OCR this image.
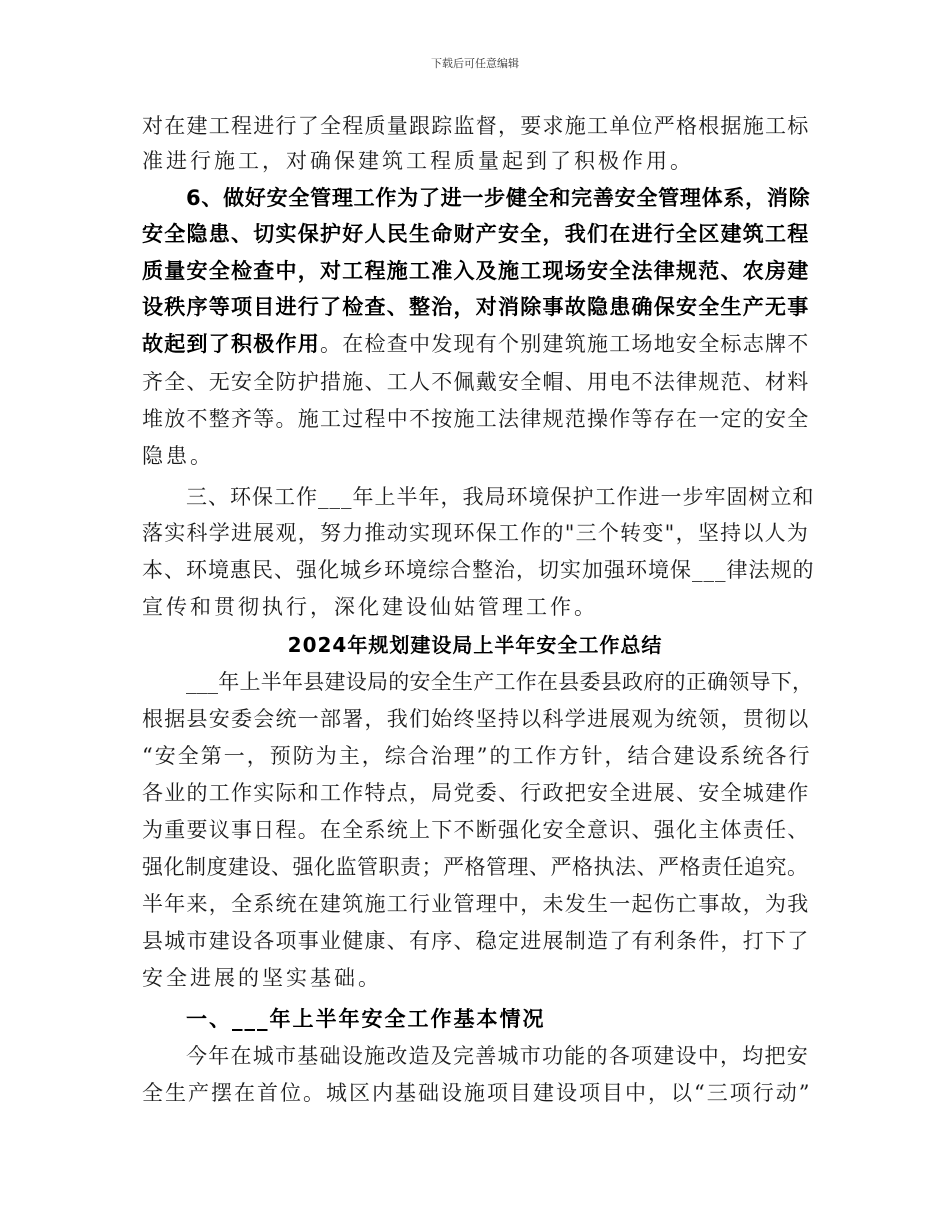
下载后可任意编辑
对在建工程进行了全程质量跟踪监督，要求施工单位严格根据施工标
准进行施工，对确保建筑工程质量起到了积极作用。
6、做好安全管理工作为了进一步健全和完善安全管理体系，消除
安全隐患、切实保护好人民生命财产安全，我们在进行全区建筑工程
质量安全检查中，对工程施工准入及施工现场安全法律规范、农房建
设秩序等项目进行了检查、整治，对消除事故隐患确保安全生产无事
故起到了积极作用。在检查中发现有个别建筑施工场地安全标志牌不
齐全、无安全防护措施、工人不佩戴安全帽、用电不法律规范、材料
堆放不整齐等。施工过程中不按施工法律规范操作等存在一定的安全
隐患。
三、环保工作___年上半年，我局环境保护工作进一步牢固树立和
落实科学进展观，努力推动实现环保工作的"三个转变"，坚持以人为
本、环境惠民、强化城乡环境综合整治，切实加强环境保___律法规的
宣传和贯彻执行，深化建设仙姑管理工作。
2024年规划建设局上半年安全工作总结
___年上半年县建设局的安全生产工作在县委县政府的正确领导下，
根据县安委会统一部署，我们始终坚持以科学进展观为统领，贯彻以
“安全第一，预防为主，综合治理”的工作方针，结合建设系统各行
各业的工作实际和工作特点，局党委、行政把安全进展、安全城建作
为重要议事日程。在全系统上下不断强化安全意识、强化主体责任、
强化制度建设、强化监管职责；严格管理、严格执法、严格责任追究。
半年来，全系统在建筑施工行业管理中，未发生一起伤亡事故，为我
县城市建设各项事业健康、有序、稳定进展制造了有利条件，打下了
安全进展的坚实基础。
一、___年上半年安全工作基本情况
今年在城市基础设施改造及完善城市功能的各项建设中，均把安
全生产摆在首位。城区内基础设施项目建设项目中，以“三项行动”
